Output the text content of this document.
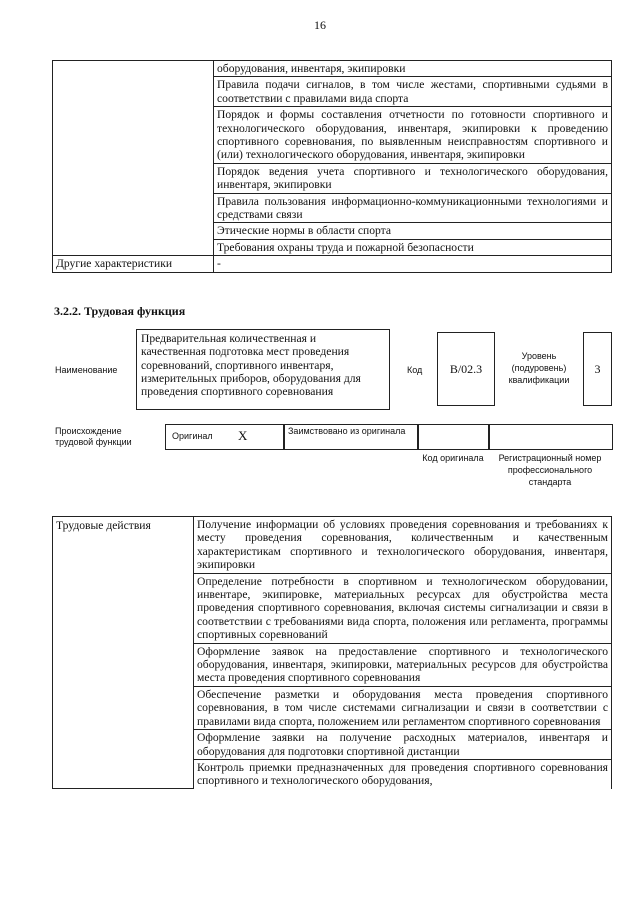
16
	оборудования, инвентаря, экипировки
	Правила подачи сигналов, в том числе жестами, спортивными судьями в соответствии с правилами вида спорта
	Порядок и формы составления отчетности по готовности спортивного и технологического оборудования, инвентаря, экипировки к проведению спортивного соревнования, по выявленным неисправностям спортивного и (или) технологического оборудования, инвентаря, экипировки
	Порядок ведения учета спортивного и технологического оборудования, инвентаря, экипировки
	Правила пользования информационно-коммуникационными технологиями и средствами связи
	Этические нормы в области спорта
	Требования охраны труда и пожарной безопасности
Другие характеристики	-
3.2.2. Трудовая функция
Наименование
Предварительная количественная и качественная подготовка мест проведения соревнований, спортивного инвентаря, измерительных приборов, оборудования для проведения спортивного соревнования
Код	B/02.3
Уровень (подуровень) квалификации
3
Происхождение трудовой функции
Оригинал X	Заимствовано из оригинала
Код оригинала	Регистрационный номер профессионального стандарта
Трудовые действия	Получение информации об условиях проведения соревнования и требованиях к месту проведения соревнования, количественным и качественным характеристикам спортивного и технологического оборудования, инвентаря, экипировки
Определение потребности в спортивном и технологическом оборудовании, инвентаре, экипировке, материальных ресурсах для обустройства места проведения спортивного соревнования, включая системы сигнализации и связи в соответствии с требованиями вида спорта, положения или регламента, программы спортивных соревнований
Оформление заявок на предоставление спортивного и технологического оборудования, инвентаря, экипировки, материальных ресурсов для обустройства места проведения спортивного соревнования
Обеспечение разметки и оборудования места проведения спортивного соревнования, в том числе системами сигнализации и связи в соответствии с правилами вида спорта, положением или регламентом спортивного соревнования
Оформление заявки на получение расходных материалов, инвентаря и оборудования для подготовки спортивной дистанции
Контроль приемки предназначенных для проведения спортивного соревнования спортивного и технологического оборудования,
